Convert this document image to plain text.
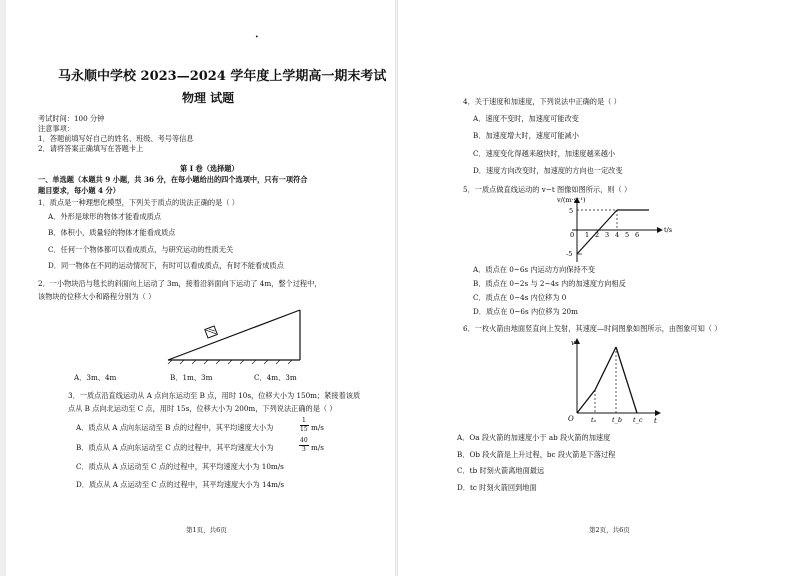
•
马永顺中学校 2023—2024 学年度上学期高一期末考试
物理 试题
考试时间：100 分钟
注意事项：
1．答题前填写好自己的姓名、班级、考号等信息
2．请将答案正确填写在答题卡上
第 I 卷（选择题）
一、单选题（本题共 9 小题，共 36 分，在每小题给出的四个选项中，只有一项符合
题目要求，每小题 4 分）
1．质点是一种理想化模型，下列关于质点的说法正确的是（ ）
A．外形是球形的物体才能看成质点
B．体积小，质量轻的物体才能看成质点
C．任何一个物体都可以看成质点，与研究运动的性质无关
D．同一物体在不同的运动情况下，有时可以看成质点，有时不能看成质点
2．一小物块沿与毯长的斜面向上运动了 3m，接着沿斜面向下运动了 4m，整个过程中，
该物块的位移大小和路程分别为（ ）
A．3m、4m	B．1m、3m	C．4m、3m
3．一质点沿直线运动从 A 点向东运动至 B 点，用时 10s，位移大小为 150m；紧接着该质
点从 B 点向北运动至 C 点，用时 15s，位移大小为 200m，下列说法正确的是（ ）
A．质点从 A 点向东运动至 B 点的过程中，其平均速度大小为
1
15 m/s
B．质点从 A 点向东运动至 C 点的过程中，其平均速度大小为
40
3 m/s
C．质点从 A 点运动至 C 点的过程中，其平均速度大小为 10m/s
D．质点从 A 点运动至 C 点的过程中，其平均速度大小为 14m/s
第1页，共6页
4．关于速度和加速度，下列说法中正确的是（ ）
A．速度不变时，加速度可能改变
B．加速度增大时，速度可能减小
C．速度变化得越来越快时，加速度越来越小
D．速度方向改变时，加速度的方向也一定改变
5．一质点做直线运动的 v−t 图像如图所示，则（ ）
v/(m·s⁻¹)
t/s
5
-5
0 1 2 3 4 5 6
A．质点在 0~6s 内运动方向保持不变
B．质点在 0~2s 与 2~4s 内的加速度方向相反
C．质点在 0~4s 内位移为 0
D．质点在 0~6s 内位移为 20m
6．一枚火箭由地面竖直向上发射，其速度—时间图象如图所示，由图象可知（ ）
v
t
O	tₐ t_b t_c
A．Oa 段火箭的加速度小于 ab 段火箭的加速度
B．Ob 段火箭是上升过程，bc 段火箭是下落过程
C．tb 时刻火箭离地面最远
D．tc 时刻火箭回到地面
第2页，共6页
